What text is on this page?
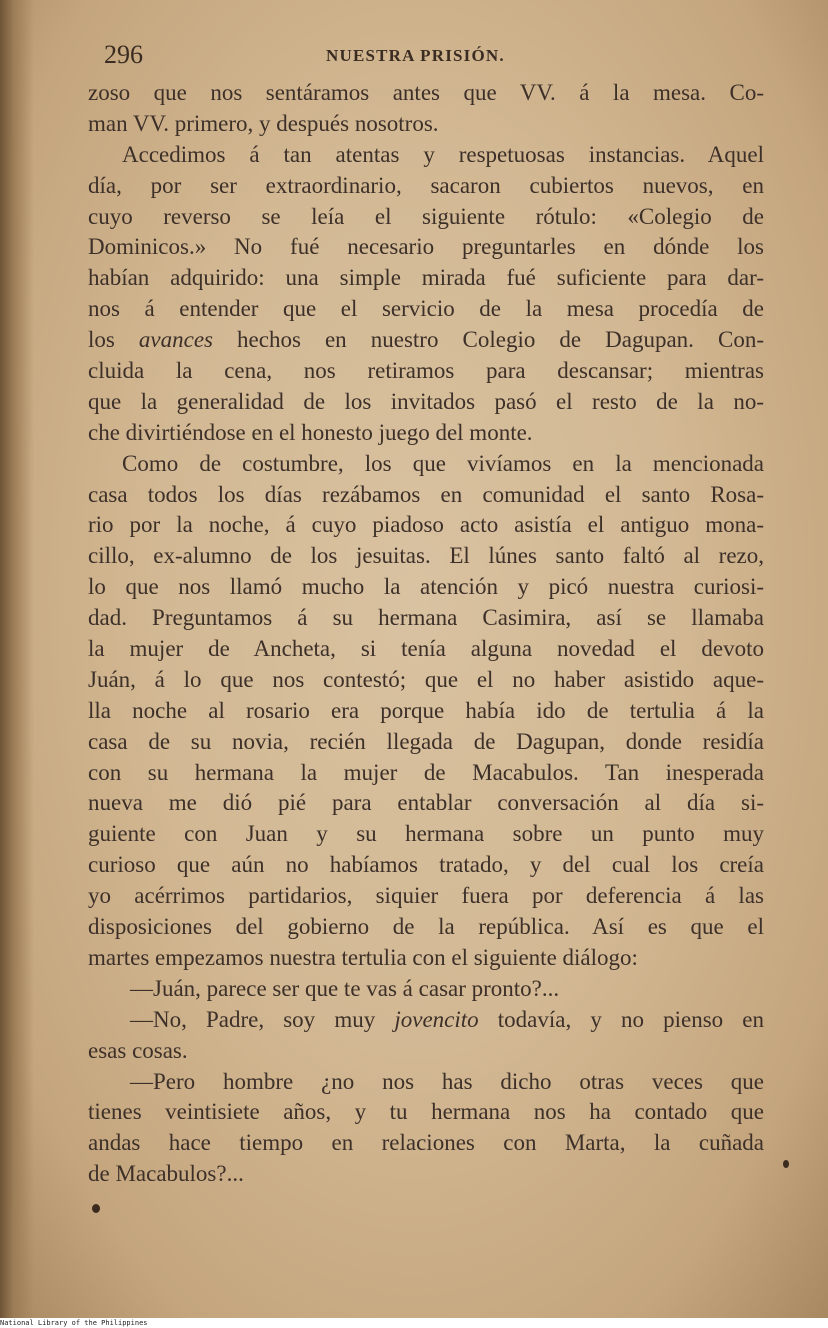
296	NUESTRA PRISIÓN.
zoso que nos sentáramos antes que VV. á la mesa. Co-
man VV. primero, y después nosotros.
Accedimos á tan atentas y respetuosas instancias. Aquel
día, por ser extraordinario, sacaron cubiertos nuevos, en
cuyo reverso se leía el siguiente rótulo: «Colegio de
Dominicos.» No fué necesario preguntarles en dónde los
habían adquirido: una simple mirada fué suficiente para dar-
nos á entender que el servicio de la mesa procedía de
los avances hechos en nuestro Colegio de Dagupan. Con-
cluida la cena, nos retiramos para descansar; mientras
que la generalidad de los invitados pasó el resto de la no-
che divirtiéndose en el honesto juego del monte.
Como de costumbre, los que vivíamos en la mencionada
casa todos los días rezábamos en comunidad el santo Rosa-
rio por la noche, á cuyo piadoso acto asistía el antiguo mona-
cillo, ex-alumno de los jesuitas. El lúnes santo faltó al rezo,
lo que nos llamó mucho la atención y picó nuestra curiosi-
dad. Preguntamos á su hermana Casimira, así se llamaba
la mujer de Ancheta, si tenía alguna novedad el devoto
Juán, á lo que nos contestó; que el no haber asistido aque-
lla noche al rosario era porque había ido de tertulia á la
casa de su novia, recién llegada de Dagupan, donde residía
con su hermana la mujer de Macabulos. Tan inesperada
nueva me dió pié para entablar conversación al día si-
guiente con Juan y su hermana sobre un punto muy
curioso que aún no habíamos tratado, y del cual los creía
yo acérrimos partidarios, siquier fuera por deferencia á las
disposiciones del gobierno de la república. Así es que el
martes empezamos nuestra tertulia con el siguiente diálogo:
—Juán, parece ser que te vas á casar pronto?...
—No, Padre, soy muy jovencito todavía, y no pienso en
esas cosas.
—Pero hombre ¿no nos has dicho otras veces que
tienes veintisiete años, y tu hermana nos ha contado que
andas hace tiempo en relaciones con Marta, la cuñada
de Macabulos?...
National Library of the Philippines
